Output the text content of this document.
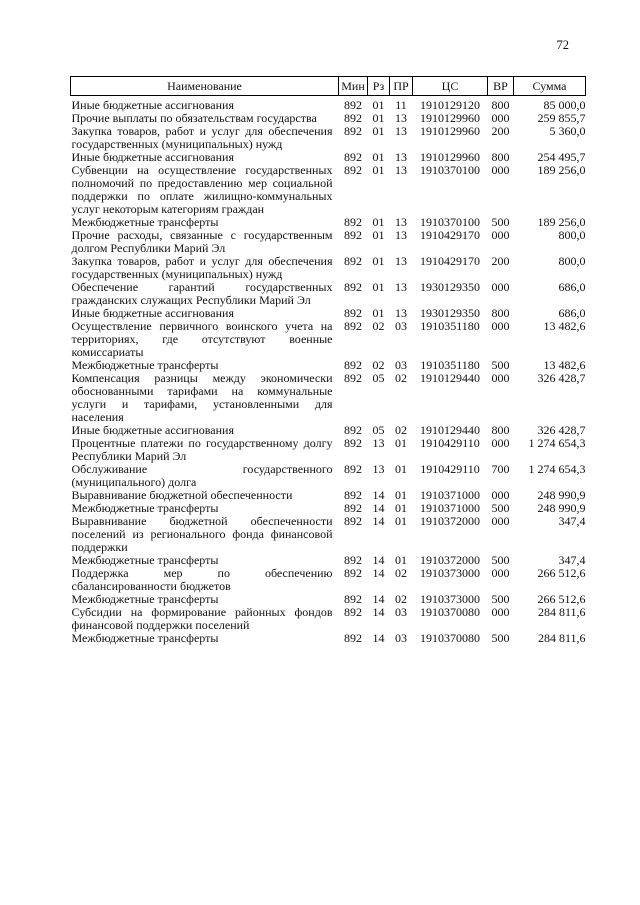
72
Наименование	Мин	Рз	ПР	ЦС	ВР	Сумма
Иные бюджетные ассигнования	892	01	11	1910129120	800	85 000,0
Прочие выплаты по обязательствам государства	892	01	13	1910129960	000	259 855,7
Закупка товаров, работ и услуг для обеспечения государственных (муниципальных) нужд	892	01	13	1910129960	200	5 360,0
Иные бюджетные ассигнования	892	01	13	1910129960	800	254 495,7
Субвенции на осуществление государственных полномочий по предоставлению мер социальной поддержки по оплате жилищно-коммунальных услуг некоторым категориям граждан	892	01	13	1910370100	000	189 256,0
Межбюджетные трансферты	892	01	13	1910370100	500	189 256,0
Прочие расходы, связанные с государственным долгом Республики Марий Эл	892	01	13	1910429170	000	800,0
Закупка товаров, работ и услуг для обеспечения государственных (муниципальных) нужд	892	01	13	1910429170	200	800,0
Обеспечение гарантий государственных гражданских служащих Республики Марий Эл	892	01	13	1930129350	000	686,0
Иные бюджетные ассигнования	892	01	13	1930129350	800	686,0
Осуществление первичного воинского учета на территориях, где отсутствуют военные комиссариаты	892	02	03	1910351180	000	13 482,6
Межбюджетные трансферты	892	02	03	1910351180	500	13 482,6
Компенсация разницы между экономически обоснованными тарифами на коммунальные услуги и тарифами, установленными для населения	892	05	02	1910129440	000	326 428,7
Иные бюджетные ассигнования	892	05	02	1910129440	800	326 428,7
Процентные платежи по государственному долгу Республики Марий Эл	892	13	01	1910429110	000	1 274 654,3
Обслуживание государственного (муниципального) долга	892	13	01	1910429110	700	1 274 654,3
Выравнивание бюджетной обеспеченности	892	14	01	1910371000	000	248 990,9
Межбюджетные трансферты	892	14	01	1910371000	500	248 990,9
Выравнивание бюджетной обеспеченности поселений из регионального фонда финансовой поддержки	892	14	01	1910372000	000	347,4
Межбюджетные трансферты	892	14	01	1910372000	500	347,4
Поддержка мер по обеспечению сбалансированности бюджетов	892	14	02	1910373000	000	266 512,6
Межбюджетные трансферты	892	14	02	1910373000	500	266 512,6
Субсидии на формирование районных фондов финансовой поддержки поселений	892	14	03	1910370080	000	284 811,6
Межбюджетные трансферты	892	14	03	1910370080	500	284 811,6
